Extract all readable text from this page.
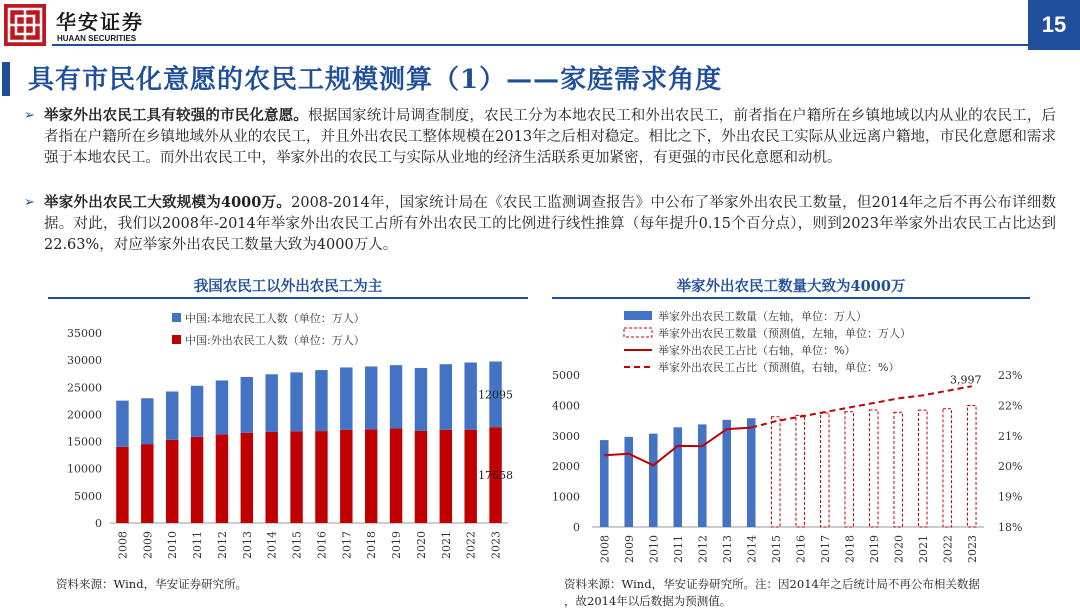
华安证券
HUAAN SECURITIES
15
具有市民化意愿的农民工规模测算（1）——家庭需求角度
➢ 举家外出农民工具有较强的市民化意愿。根据国家统计局调查制度，农民工分为本地农民工和外出农民工，前者指在户籍所在乡镇地域以内从业的农民工，后者指在户籍所在乡镇地域外从业的农民工，并且外出农民工整体规模在2013年之后相对稳定。相比之下，外出农民工实际从业远离户籍地，市民化意愿和需求强于本地农民工。而外出农民工中，举家外出的农民工与实际从业地的经济生活联系更加紧密，有更强的市民化意愿和动机。
➢ 举家外出农民工大致规模为4000万。2008-2014年，国家统计局在《农民工监测调查报告》中公布了举家外出农民工数量，但2014年之后不再公布详细数据。对此，我们以2008年-2014年举家外出农民工占所有外出农民工的比例进行线性推算（每年提升0.15个百分点），则到2023年举家外出农民工占比达到22.63%，对应举家外出农民工数量大致为4000万人。
我国农民工以外出农民工为主
0
5000
10000
15000
20000
25000
30000
35000
2008 2009 2010 2011 2012 2013 2014 2015 2016 2017 2018 2019 2020 2021 2022 2023
12095
17658
中国:本地农民工人数（单位：万人）
中国:外出农民工人数（单位：万人）
资料来源：Wind，华安证券研究所。
举家外出农民工数量大致为4000万
0
1000
2000
3000
4000
5000
18%
19%
20%
21%
22%
23%
2008 2009 2010 2011 2012 2013 2014 2015 2016 2017 2018 2019 2020 2021 2022 2023
3,997
举家外出农民工数量（左轴，单位：万人）
举家外出农民工数量（预测值，左轴，单位：万人）
举家外出农民工占比（右轴，单位：%）
举家外出农民工占比（预测值，右轴，单位：%）
资料来源：Wind，华安证券研究所。注：因2014年之后统计局不再公布相关数据
，故2014年以后数据为预测值。
